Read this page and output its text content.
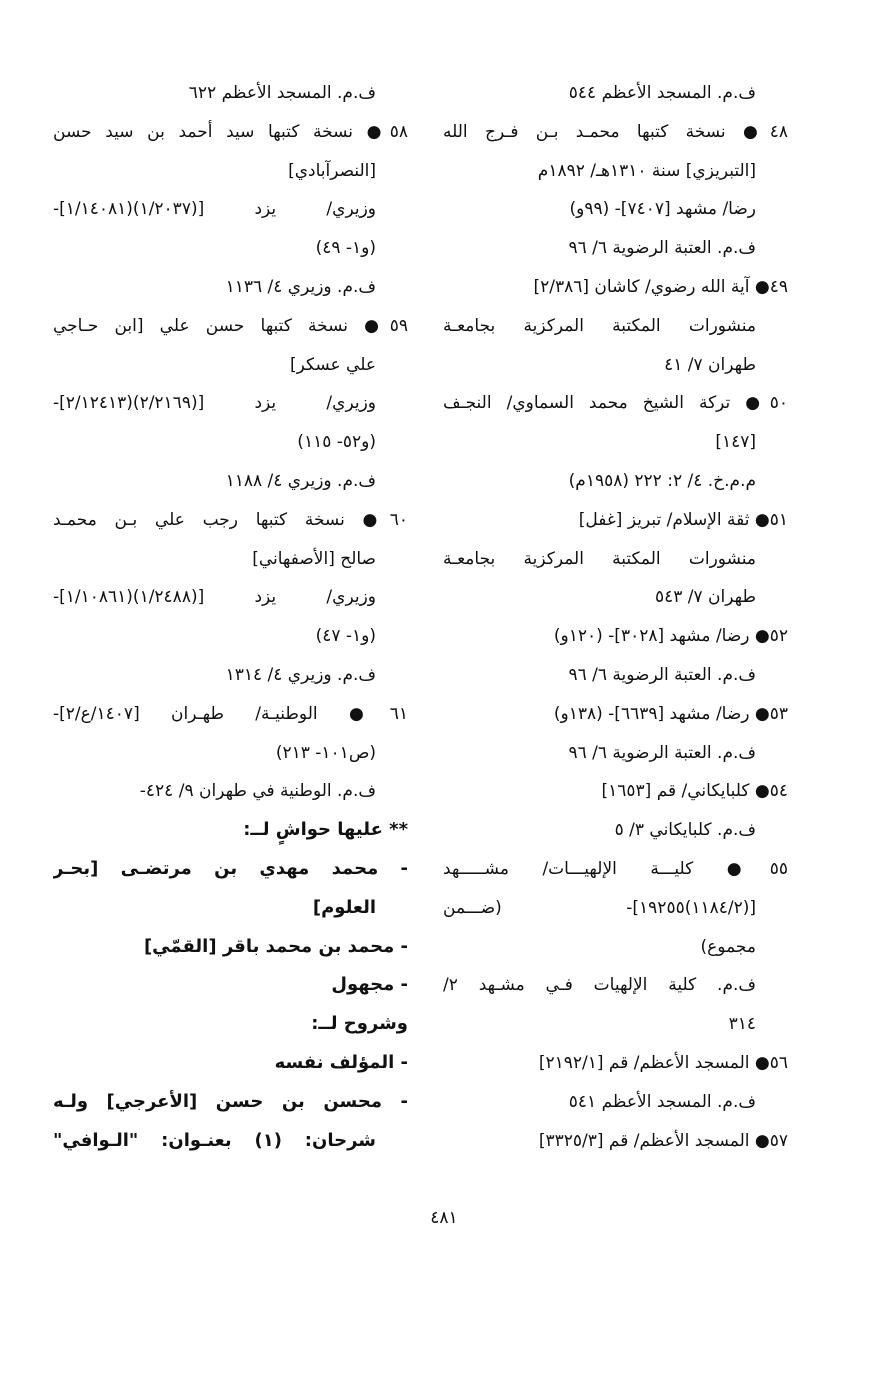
ف.م. المسجد الأعظم ٥٤٤
٤٨● نسخة كتبها محمـد بـن فـرج الله
[التبريزي] سنة ١٣١٠هـ/ ١٨٩٢م
رضا/ مشهد [٧٤٠٧]- (٩٩و)
ف.م. العتبة الرضوية ٦/ ٩٦
٤٩● آية الله رضوي/ كاشان [٢/٣٨٦]
منشورات المكتبة المركزية بجامعـة
طهران ٧/ ٤١
٥٠● تركة الشيخ محمد السماوي/ النجـف
[١٤٧]
م.م.خ. ٤/ ٢: ٢٢٢ (١٩٥٨م)
٥١● ثقة الإسلام/ تبريز [غفل]
منشورات المكتبة المركزية بجامعـة
طهران ٧/ ٥٤٣
٥٢● رضا/ مشهد [٣٠٢٨]- (١٢٠و)
ف.م. العتبة الرضوية ٦/ ٩٦
٥٣● رضا/ مشهد [٦٦٣٩]- (١٣٨و)
ف.م. العتبة الرضوية ٦/ ٩٦
٥٤● كلبايكاني/ قم [١٦٥٣]
ف.م. كلبايكاني ٣/ ٥
٥٥● كليـــة الإلهيـــات/ مشـــــهد
[(١١٨٤/٢)١٩٢٥٥]- (ضـــمن
مجموع)
ف.م. كلية الإلهيات فـي مشـهد ٢/
٣١٤
٥٦● المسجد الأعظم/ قم [٢١٩٢/١]
ف.م. المسجد الأعظم ٥٤١
٥٧● المسجد الأعظم/ قم [٣٣٢٥/٣]
ف.م. المسجد الأعظم ٦٢٢
٥٨● نسخة كتبها سيد أحمد بن سيد حسن
[النصرآبادي]
وزيري/ يزد [(١/٢٠٣٧)(١/١٤٠٨١]-
(و١- ٤٩)
ف.م. وزيري ٤/ ١١٣٦
٥٩● نسخة كتبها حسن علي [ابن حـاجي
علي عسكر]
وزيري/ يزد [(٢/٢١٦٩)(٢/١٢٤١٣]-
(و٥٢- ١١٥)
ف.م. وزيري ٤/ ١١٨٨
٦٠● نسخة كتبها رجب علي بـن محمـد
صالح [الأصفهاني]
وزيري/ يزد [(١/٢٤٨٨)(١/١٠٨٦١]-
(و١- ٤٧)
ف.م. وزيري ٤/ ١٣١٤
٦١● الوطنيـة/ طهـران [١٤٠٧/ع/٢]-
(ص١٠١- ٢١٣)
ف.م. الوطنية في طهران ٩/ ٤٢٤-
** عليها حواشٍ لــ:
- محمد مهدي بن مرتضـى [بحـر
العلوم]
- محمد بن محمد باقر [القمّي]
- مجهول
وشروح لــ:
- المؤلف نفسه
- محسن بن حسن [الأعرجي] ولـه
شرحان: (١) بعنـوان: "الـوافي"
٤٨١
